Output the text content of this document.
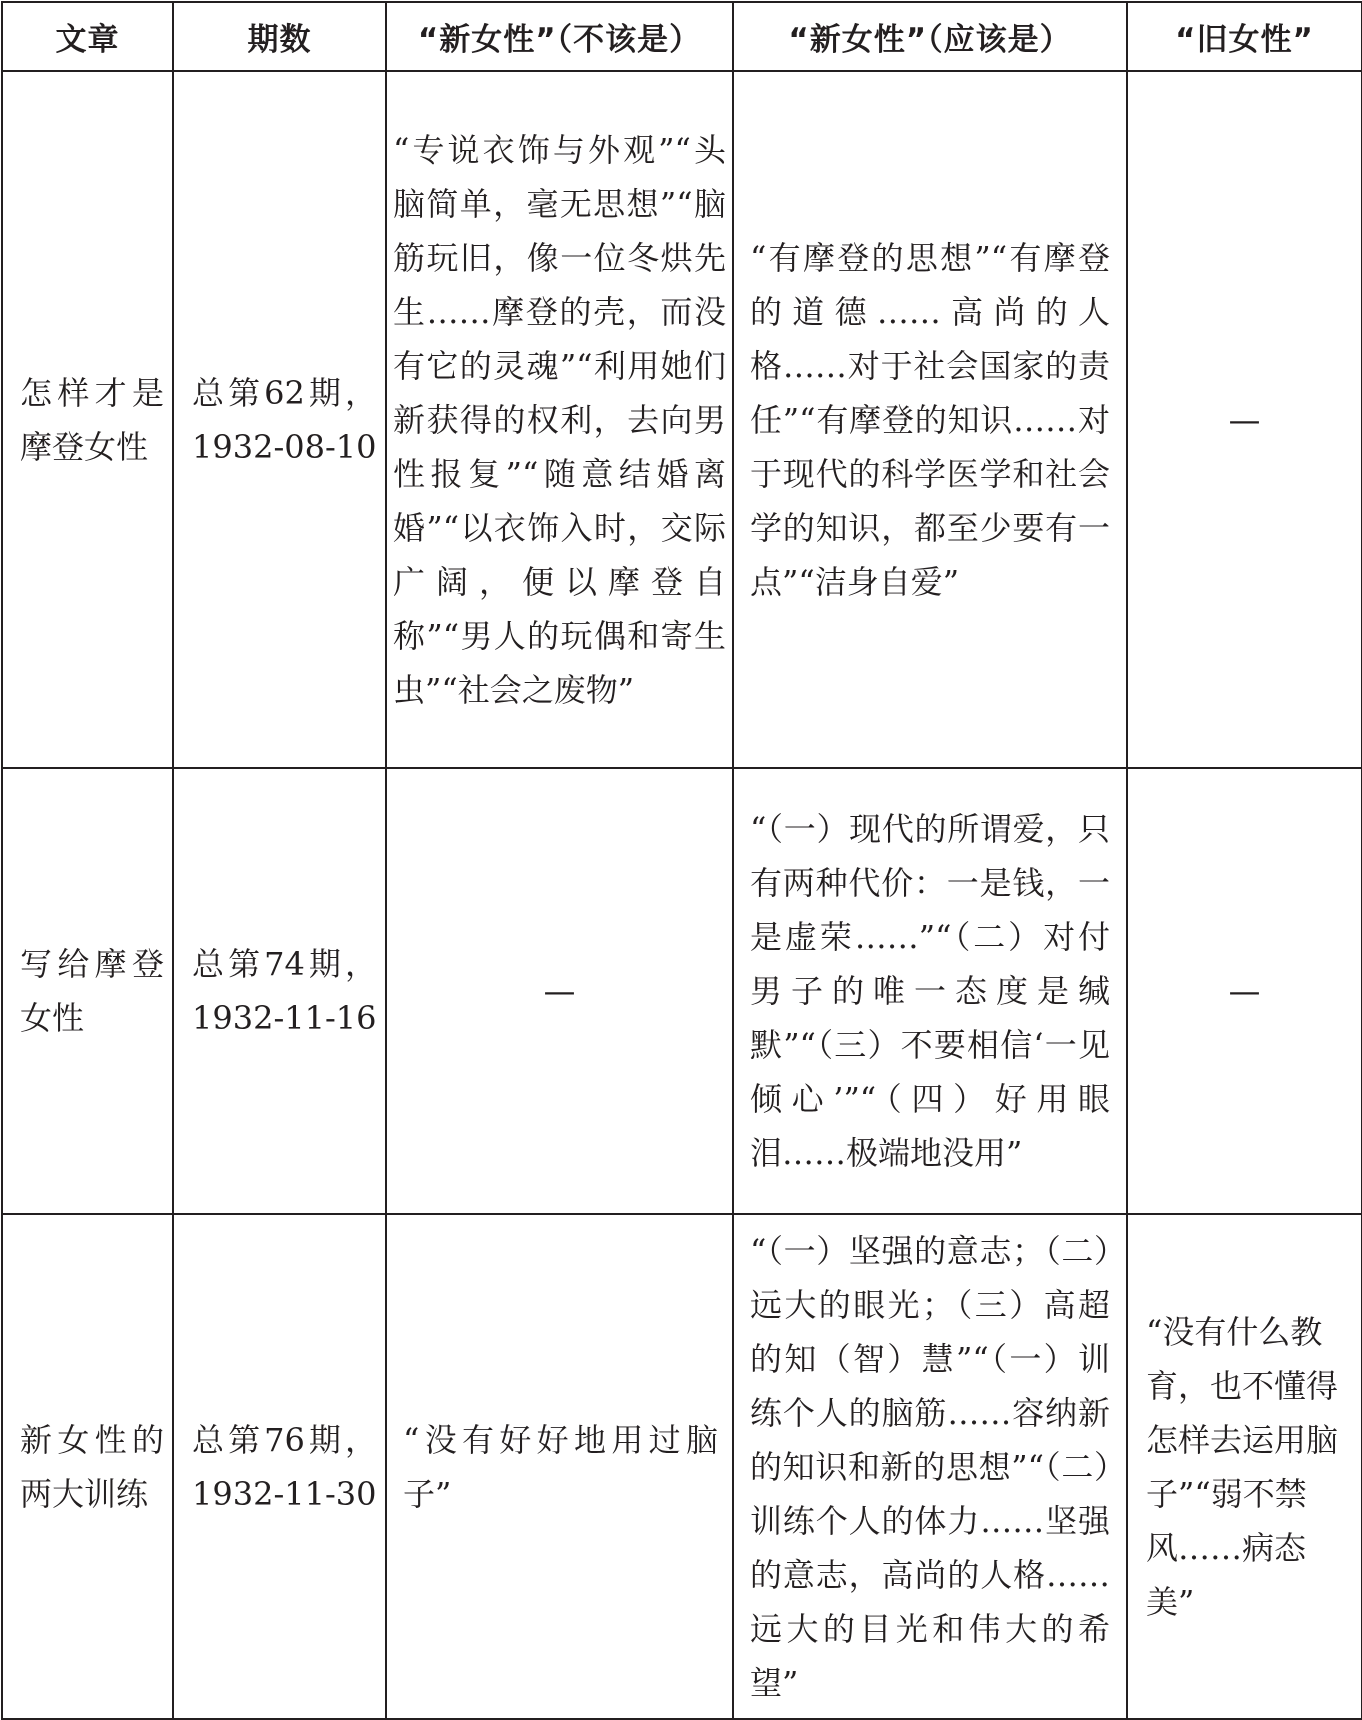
文章	期数	“新女性”（不该是）	“新女性”（应该是）	“旧女性”

怎样才是摩登女性	总第62期，1932-08-10	“专说衣饰与外观”“头脑简单，毫无思想”“脑筋玩旧，像一位冬烘先生……摩登的壳，而没有它的灵魂”“利用她们新获得的权利，去向男性报复”“随意结婚离婚”“以衣饰入时，交际广阔，便以摩登自称”“男人的玩偶和寄生虫”“社会之废物”	“有摩登的思想”“有摩登的道德……高尚的人格……对于社会国家的责任”“有摩登的知识……对于现代的科学医学和社会学的知识，都至少要有一点”“洁身自爱”	—

写给摩登女性	总第74期，1932-11-16	—	“（一）现代的所谓爱，只有两种代价：一是钱，一是虚荣……”“（二）对付男子的唯一态度是缄默”“（三）不要相信‘一见倾心’”“（四）好用眼泪……极端地没用”	—

新女性的两大训练	总第76期，1932-11-30	“没有好好地用过脑子”	“（一）坚强的意志；（二）远大的眼光；（三）高超的知（智）慧”“（一）训练个人的脑筋……容纳新的知识和新的思想”“（二）训练个人的体力……坚强的意志，高尚的人格……远大的目光和伟大的希望”	“没有什么教育，也不懂得怎样去运用脑子”“弱不禁风……病态美”
